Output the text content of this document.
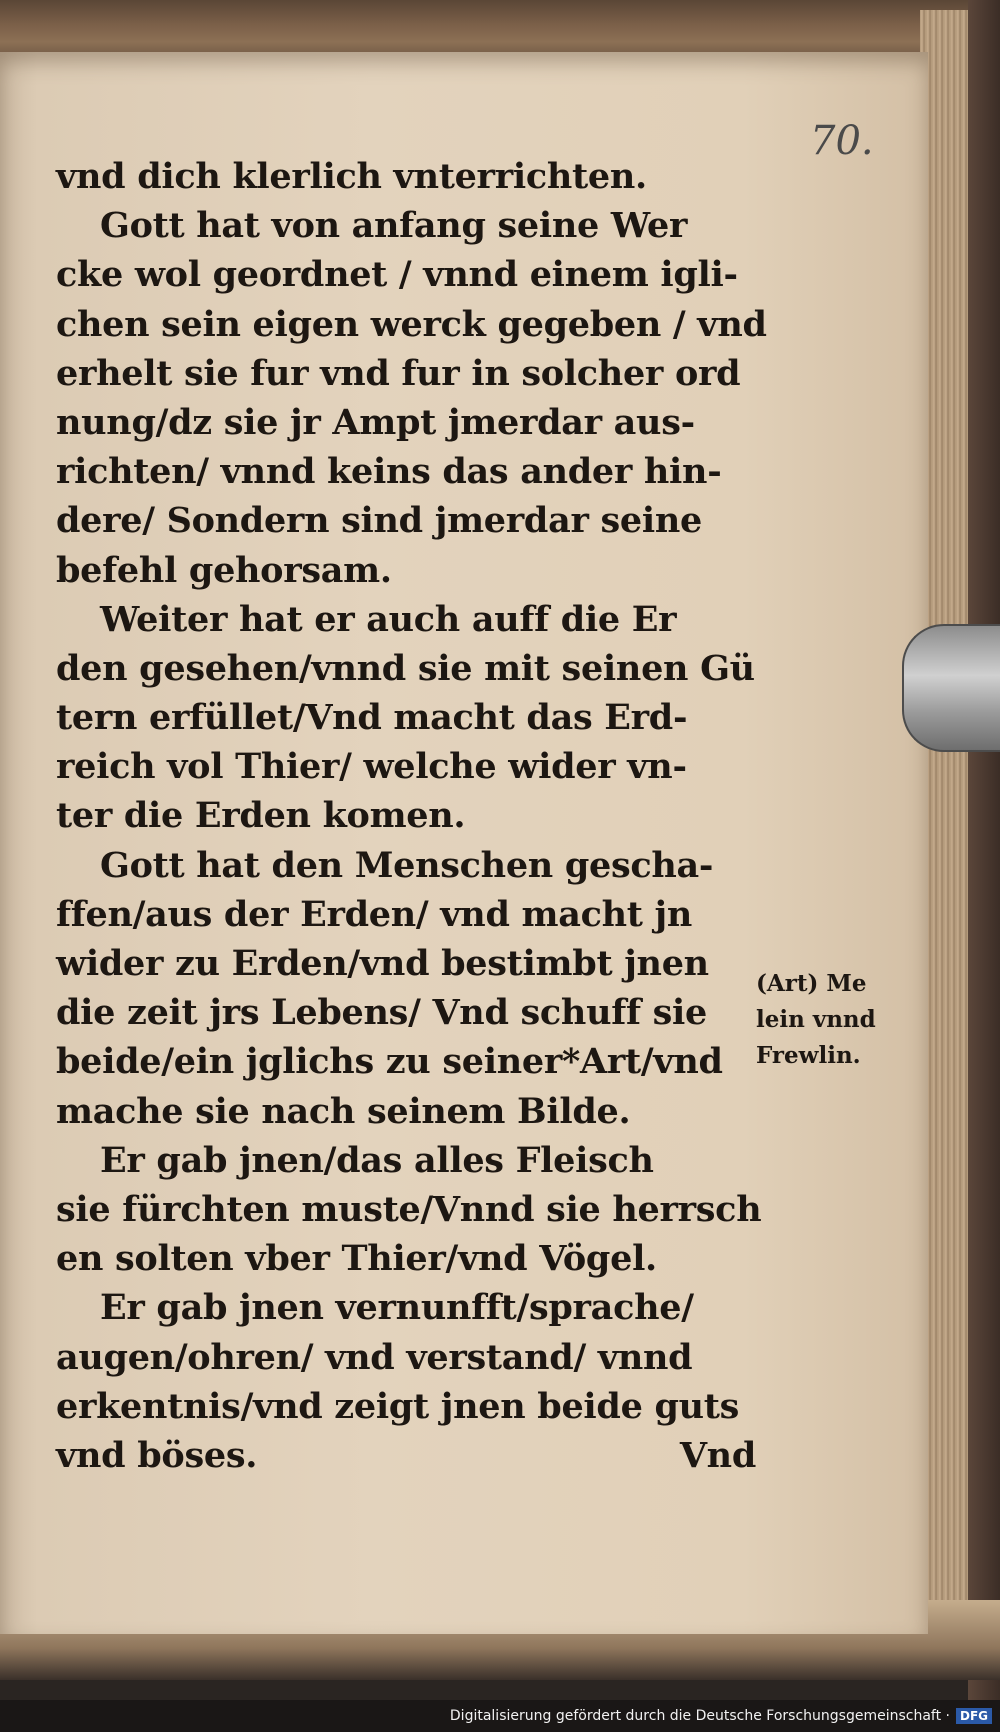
70.
vnd dich klerlich vnterrichten.
Gott hat von anfang seine Wer
cke wol geordnet / vnnd einem igli-
chen sein eigen werck gegeben / vnd
erhelt sie fur vnd fur in solcher ord
nung/dz sie jr Ampt jmerdar aus-
richten/ vnnd keins das ander hin-
dere/ Sondern sind jmerdar seine
befehl gehorsam.
Weiter hat er auch auff die Er
den gesehen/vnnd sie mit seinen Gü
tern erfüllet/Vnd macht das Erd-
reich vol Thier/ welche wider vn-
ter die Erden komen.
Gott hat den Menschen gescha-
ffen/aus der Erden/ vnd macht jn
wider zu Erden/vnd bestimbt jnen
die zeit jrs Lebens/ Vnd schuff sie
beide/ein jglichs zu seiner*Art/vnd
mache sie nach seinem Bilde.
Er gab jnen/das alles Fleisch
sie fürchten muste/Vnnd sie herrsch
en solten vber Thier/vnd Vögel.
Er gab jnen vernunfft/sprache/
augen/ohren/ vnd verstand/ vnnd
erkentnis/vnd zeigt jnen beide guts
vnd böses.	Vnd
(Art) Me
lein vnnd
Frewlin.
Digitalisierung gefördert durch die Deutsche Forschungsgemeinschaft · DFG
